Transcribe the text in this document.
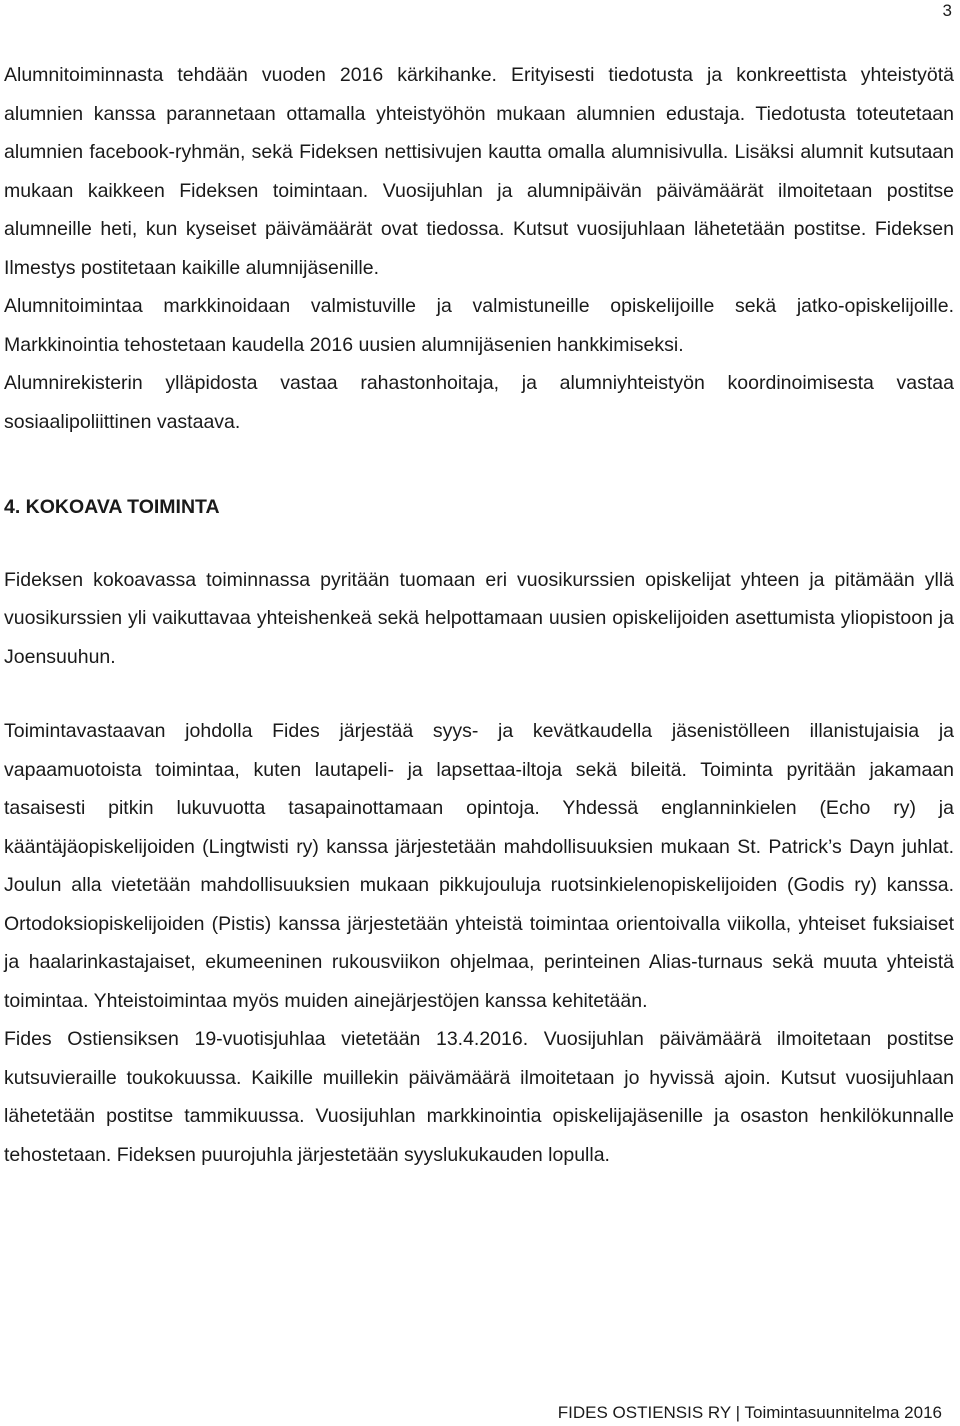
3

Alumnitoiminnasta tehdään vuoden 2016 kärkihanke. Erityisesti tiedotusta ja konkreettista yhteistyötä alumnien kanssa parannetaan ottamalla yhteistyöhön mukaan alumnien edustaja. Tiedotusta toteutetaan alumnien facebook-ryhmän, sekä Fideksen nettisivujen kautta omalla alumnisivulla. Lisäksi alumnit kutsutaan mukaan kaikkeen Fideksen toimintaan. Vuosijuhlan ja alumnipäivän päivämäärät ilmoitetaan postitse alumneille heti, kun kyseiset päivämäärät ovat tiedossa. Kutsut vuosijuhlaan lähetetään postitse. Fideksen Ilmestys postitetaan kaikille alumnijäsenille.

Alumnitoimintaa markkinoidaan valmistuville ja valmistuneille opiskelijoille sekä jatko-opiskelijoille. Markkinointia tehostetaan kaudella 2016 uusien alumnijäsenien hankkimiseksi.

Alumnirekisterin ylläpidosta vastaa rahastonhoitaja, ja alumniyhteistyön koordinoimisesta vastaa sosiaalipoliittinen vastaava.

4. KOKOAVA TOIMINTA

Fideksen kokoavassa toiminnassa pyritään tuomaan eri vuosikurssien opiskelijat yhteen ja pitämään yllä vuosikurssien yli vaikuttavaa yhteishenkeä sekä helpottamaan uusien opiskelijoiden asettumista yliopistoon ja Joensuuhun.

Toimintavastaavan johdolla Fides järjestää syys- ja kevätkaudella jäsenistölleen illanistujaisia ja vapaamuotoista toimintaa, kuten lautapeli- ja lapsettaa-iltoja sekä bileitä. Toiminta pyritään jakamaan tasaisesti pitkin lukuvuotta tasapainottamaan opintoja. Yhdessä englanninkielen (Echo ry) ja kääntäjäopiskelijoiden (Lingtwisti ry) kanssa järjestetään mahdollisuuksien mukaan St. Patrick’s Dayn juhlat. Joulun alla vietetään mahdollisuuksien mukaan pikkujouluja ruotsinkielenopiskelijoiden (Godis ry) kanssa. Ortodoksiopiskelijoiden (Pistis) kanssa järjestetään yhteistä toimintaa orientoivalla viikolla, yhteiset fuksiaiset ja haalarinkastajaiset, ekumeeninen rukousviikon ohjelmaa, perinteinen Alias-turnaus sekä muuta yhteistä toimintaa. Yhteistoimintaa myös muiden ainejärjestöjen kanssa kehitetään.

Fides Ostiensiksen 19-vuotisjuhlaa vietetään 13.4.2016. Vuosijuhlan päivämäärä ilmoitetaan postitse kutsuvieraille toukokuussa. Kaikille muillekin päivämäärä ilmoitetaan jo hyvissä ajoin. Kutsut vuosijuhlaan lähetetään postitse tammikuussa. Vuosijuhlan markkinointia opiskelijajäsenille ja osaston henkilökunnalle tehostetaan. Fideksen puurojuhla järjestetään syyslukukauden lopulla.

FIDES OSTIENSIS RY | Toimintasuunnitelma 2016
